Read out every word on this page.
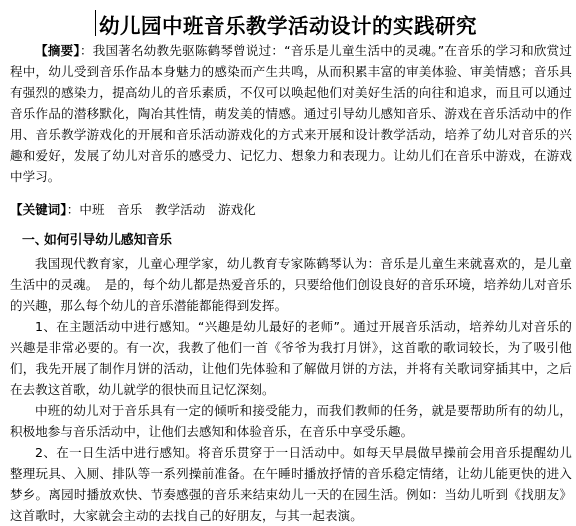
幼儿园中班音乐教学活动设计的实践研究
【摘要】：我国著名幼教先驱陈鹤琴曾说过：“音乐是儿童生活中的灵魂。”在音乐的学习和欣赏过程中，幼儿受到音乐作品本身魅力的感染而产生共鸣，从而积累丰富的审美体验、审美情感；音乐具有强烈的感染力，提高幼儿的音乐素质，不仅可以唤起他们对美好生活的向往和追求，而且可以通过音乐作品的潜移默化，陶冶其性情，萌发美的情感。通过引导幼儿感知音乐、游戏在音乐活动中的作用、音乐教学游戏化的开展和音乐活动游戏化的方式来开展和设计教学活动，培养了幼儿对音乐的兴趣和爱好，发展了幼儿对音乐的感受力、记忆力、想象力和表现力。让幼儿们在音乐中游戏，在游戏中学习。
【关键词】：中班　音乐　教学活动　游戏化
一、如何引导幼儿感知音乐
我国现代教育家，儿童心理学家，幼儿教育专家陈鹤琴认为：音乐是儿童生来就喜欢的，是儿童生活中的灵魂。　是的，每个幼儿都是热爱音乐的，只要给他们创设良好的音乐环境，培养幼儿对音乐的兴趣，那么每个幼儿的音乐潜能都能得到发挥。
1、在主题活动中进行感知。“兴趣是幼儿最好的老师”。通过开展音乐活动，培养幼儿对音乐的兴趣是非常必要的。有一次，我教了他们一首《爷爷为我打月饼》，这首歌的歌词较长，为了吸引他们，我先开展了制作月饼的活动，让他们先体验和了解做月饼的方法，并将有关歌词穿插其中，之后在去教这首歌，幼儿就学的很快而且记忆深刻。
中班的幼儿对于音乐具有一定的倾听和接受能力，而我们教师的任务，就是要帮助所有的幼儿，积极地参与音乐活动中，让他们去感知和体验音乐，在音乐中享受乐趣。
2、在一日生活中进行感知。将音乐贯穿于一日活动中。如每天早晨做早操前会用音乐提醒幼儿整理玩具、入厕、排队等一系列操前准备。在午睡时播放抒情的音乐稳定情绪，让幼儿能更快的进入梦乡。离园时播放欢快、节奏感强的音乐来结束幼儿一天的在园生活。例如：当幼儿听到《找朋友》这首歌时，大家就会主动的去找自己的好朋友，与其一起表演。
